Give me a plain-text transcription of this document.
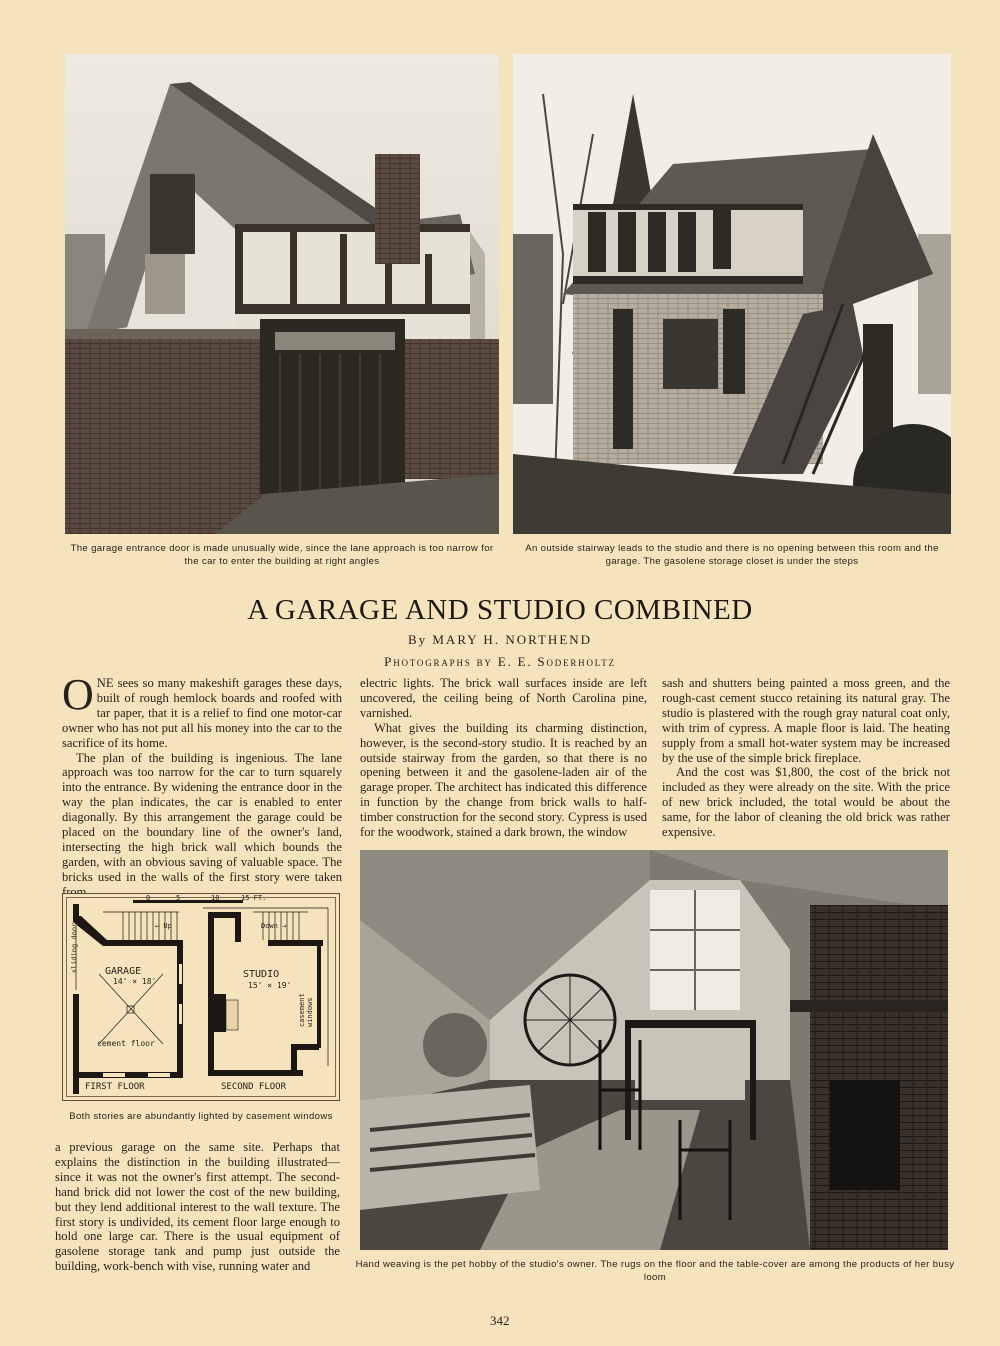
The garage entrance door is made unusually wide, since the lane approach is too narrow for the car to enter the building at right angles
An outside stairway leads to the studio and there is no opening between this room and the garage. The gasolene storage closet is under the steps
A GARAGE AND STUDIO COMBINED
By MARY H. NORTHEND
Photographs by E. E. Soderholtz

ONE sees so many makeshift garages these days, built of rough hemlock boards and roofed with tar paper, that it is a relief to find one motor-car owner who has not put all his money into the car to the sacrifice of its home.

The plan of the building is ingenious. The lane approach was too narrow for the car to turn squarely into the entrance. By widening the entrance door in the way the plan indicates, the car is enabled to enter diagonally. By this arrangement the garage could be placed on the boundary line of the owner's land, intersecting the high brick wall which bounds the garden, with an obvious saving of valuable space. The bricks used in the walls of the first story were taken from	0	5	10	15 FT.
← Up	Down →
GARAGE
14' × 18'
cement floor
sliding door
STUDIO
15' × 19'
casement windows
FIRST FLOOR	SECOND FLOOR
Both stories are abundantly lighted by casement windows

a previous garage on the same site. Perhaps that explains the distinction in the building illustrated—since it was not the owner's first attempt. The second-hand brick did not lower the cost of the new building, but they lend additional interest to the wall texture. The first story is undivided, its cement floor large enough to hold one large car. There is the usual equipment of gasolene storage tank and pump just outside the building, work-bench with vise, running water and

electric lights. The brick wall surfaces inside are left uncovered, the ceiling being of North Carolina pine, varnished.

What gives the building its charming distinction, however, is the second-story studio. It is reached by an outside stairway from the garden, so that there is no opening between it and the gasolene-laden air of the garage proper. The architect has indicated this difference in function by the change from brick walls to half-timber construction for the second story. Cypress is used for the woodwork, stained a dark brown, the window

sash and shutters being painted a moss green, and the rough-cast cement stucco retaining its natural gray. The studio is plastered with the rough gray natural coat only, with trim of cypress. A maple floor is laid. The heating supply from a small hot-water system may be increased by the use of the simple brick fireplace.

And the cost was $1,800, the cost of the brick not included as they were already on the site. With the price of new brick included, the total would be about the same, for the labor of cleaning the old brick was rather expensive.

Hand weaving is the pet hobby of the studio's owner. The rugs on the floor and the table-cover are among the products of her busy loom
342
